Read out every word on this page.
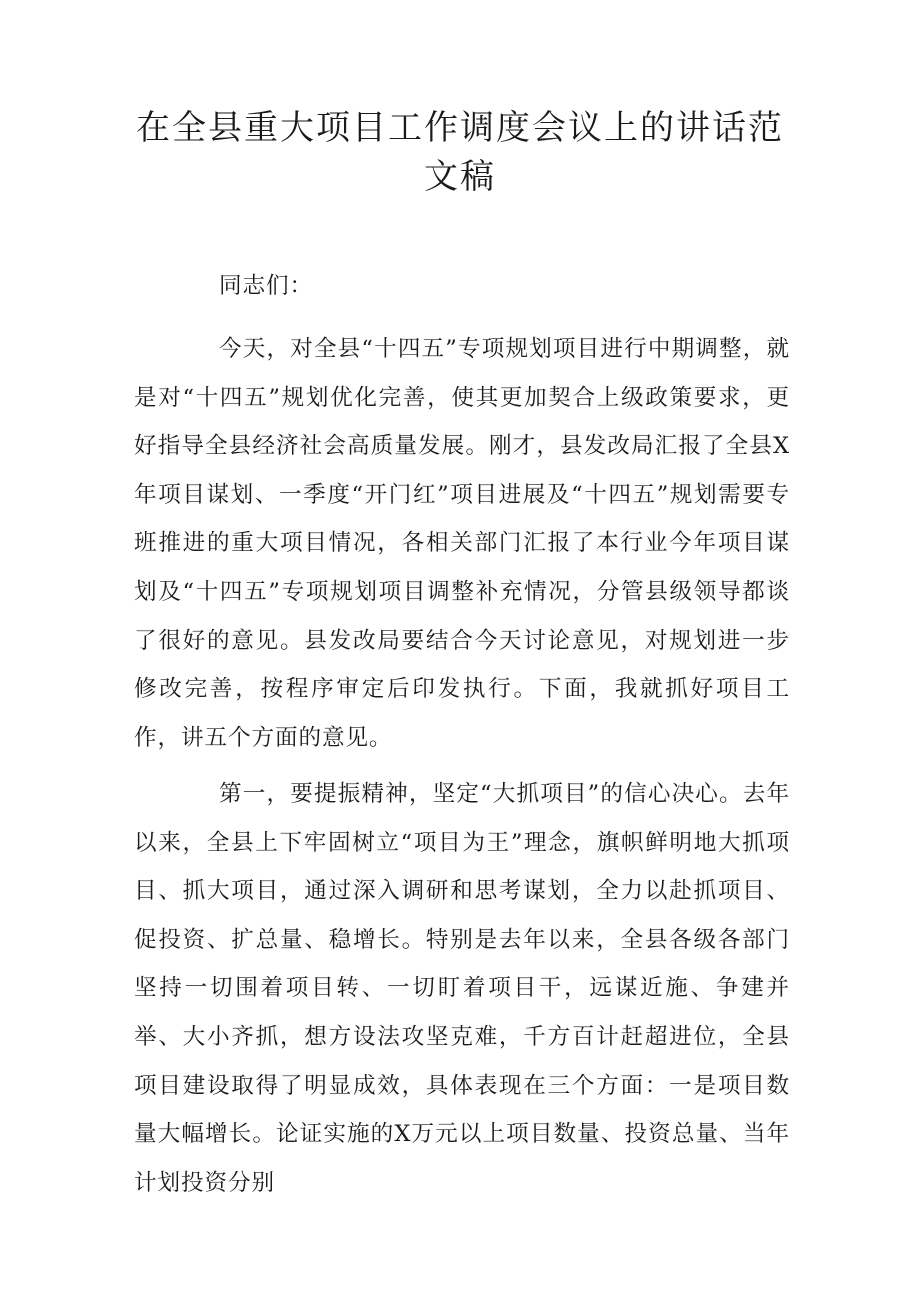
在全县重大项目工作调度会议上的讲话范文稿

同志们：

今天，对全县“十四五”专项规划项目进行中期调整，就是对“十四五”规划优化完善，使其更加契合上级政策要求，更好指导全县经济社会高质量发展。刚才，县发改局汇报了全县X年项目谋划、一季度“开门红”项目进展及“十四五”规划需要专班推进的重大项目情况，各相关部门汇报了本行业今年项目谋划及“十四五”专项规划项目调整补充情况，分管县级领导都谈了很好的意见。县发改局要结合今天讨论意见，对规划进一步修改完善，按程序审定后印发执行。下面，我就抓好项目工作，讲五个方面的意见。

第一，要提振精神，坚定“大抓项目”的信心决心。去年以来，全县上下牢固树立“项目为王”理念，旗帜鲜明地大抓项目、抓大项目，通过深入调研和思考谋划，全力以赴抓项目、促投资、扩总量、稳增长。特别是去年以来，全县各级各部门坚持一切围着项目转、一切盯着项目干，远谋近施、争建并举、大小齐抓，想方设法攻坚克难，千方百计赶超进位，全县项目建设取得了明显成效，具体表现在三个方面：一是项目数量大幅增长。论证实施的X万元以上项目数量、投资总量、当年计划投资分别
